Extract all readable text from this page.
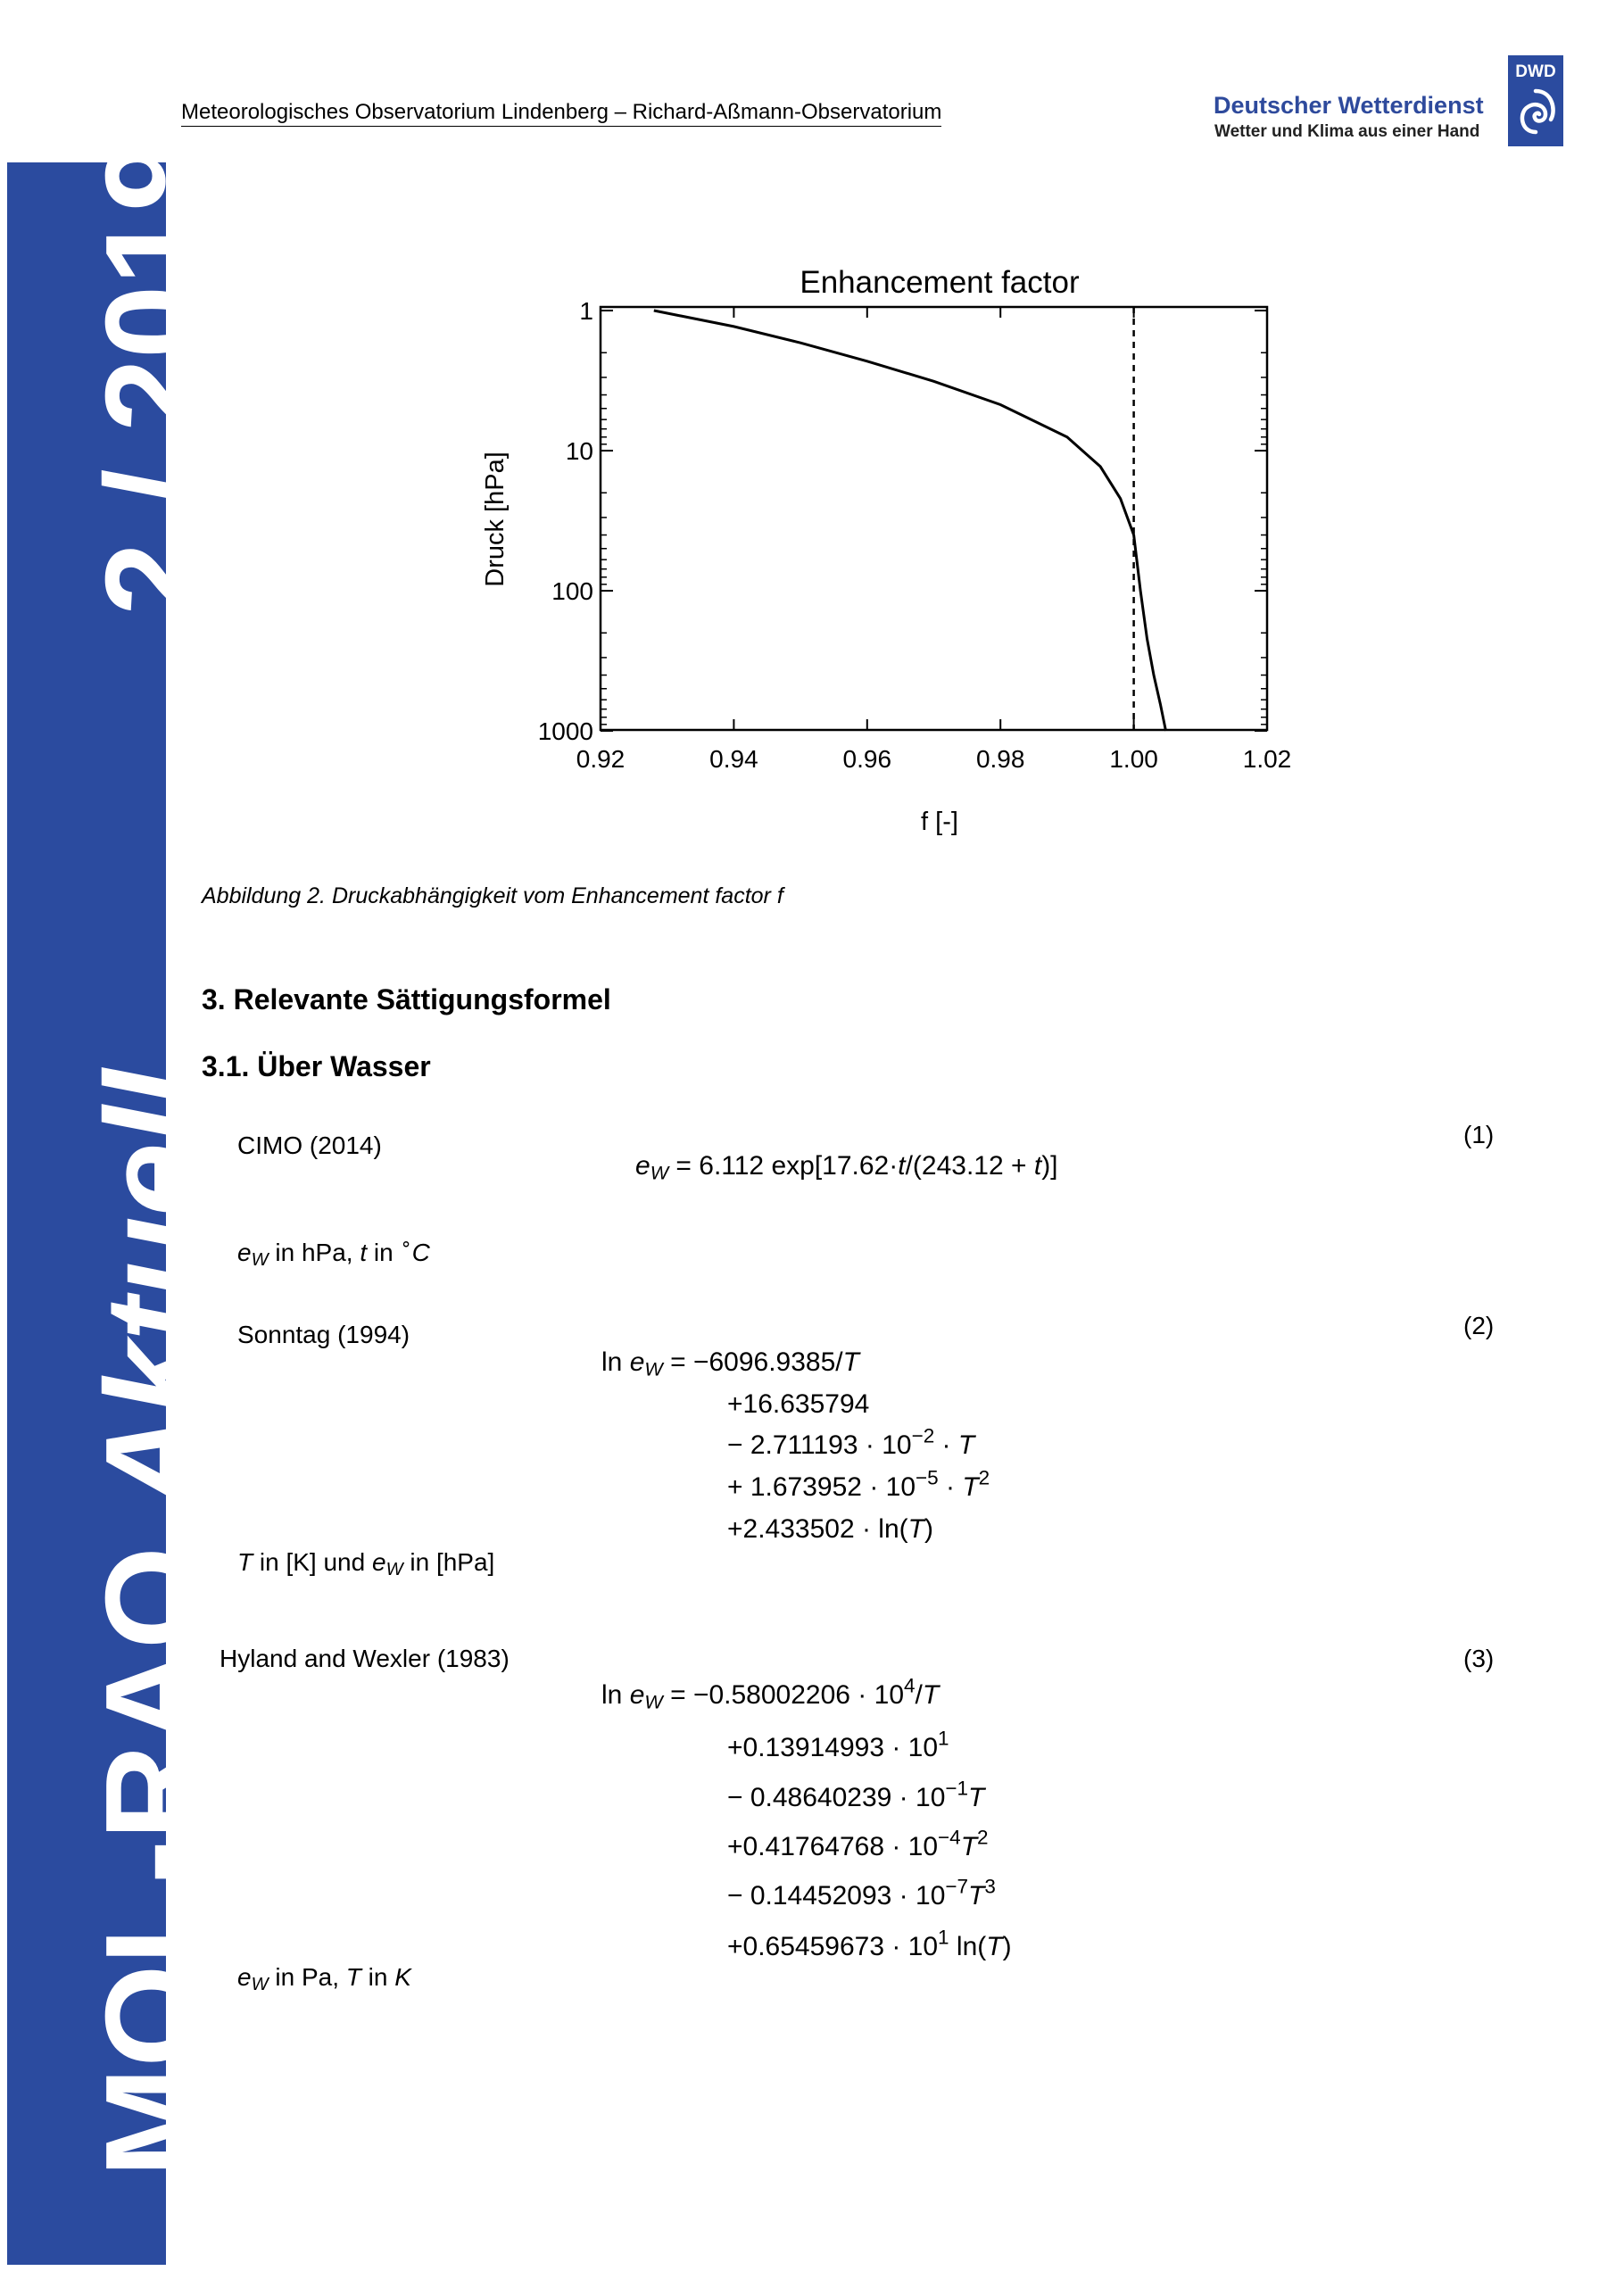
Meteorologisches Observatorium Lindenberg – Richard-Aßmann-Observatorium	Deutscher Wetterdienst
Wetter und Klima aus einer Hand
DWD
MOL-RAO Aktuell
2 / 2019	Enhancement factor
0.92	0.94	0.96	0.98	1.00	1.02
1
10
100
1000
f [-]
Druck [hPa]
Abbildung 2. Druckabhängigkeit vom Enhancement factor f
3. Relevante Sättigungsformel
3.1. Über Wasser
CIMO (2014)	(1)
$e_W = 6.112$ exp[17.62·t/(243.12 + t)]
$e_W$ in hPa, t in ∘C
Sonntag (1994)	(2)
$\ln e_W = -6096.9385/T$
+16.635794
− $2.711193 \cdot 10^{-2} \cdot T$
+ $1.673952 \cdot 10^{-5} \cdot T^2$
+2.433502 · ln(T)
T in [K] und $e_W$ in [hPa]
Hyland and Wexler (1983)	(3)
$\ln e_W = -0.58002206 \cdot 10^4/T$
$+0.13914993 \cdot 10^1$
− $0.48640239 \cdot 10^{-1}T$
$+0.41764768 \cdot 10^{-4}T^2$
− $0.14452093 \cdot 10^{-7}T^3$
$+0.65459673 \cdot 10^1$ ln(T)
$e_W$ in Pa, T in K
